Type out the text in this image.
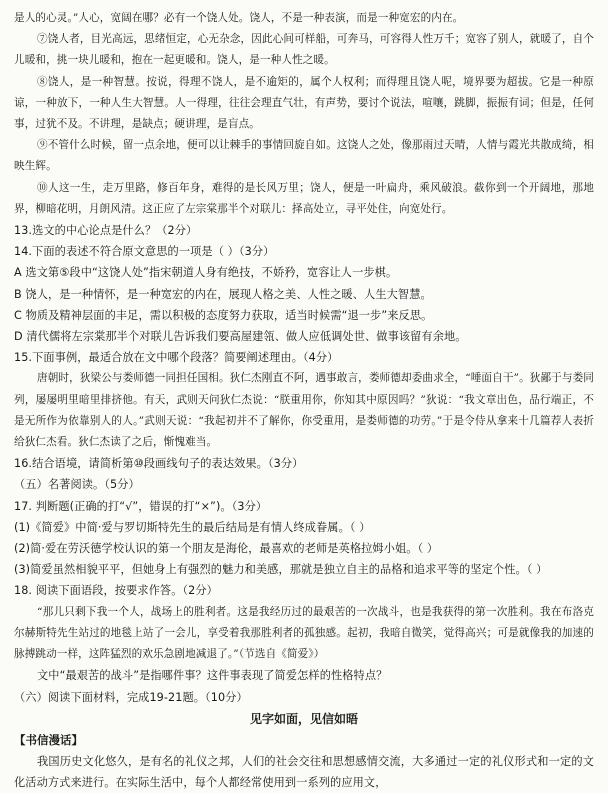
是人的心灵。”人心，宽阔在哪？必有一个饶人处。饶人，不是一种表演，而是一种宽宏的内在。

⑦饶人者，目光高远，思绪恒定，心无杂念，因此心间可样船，可奔马，可容得人性万千；宽容了别人，就暖了，自个儿暖和，挑一块儿暖和，抱在一起更暖和。饶人，是一种人性之暖。

⑧饶人，是一种智慧。按说，得理不饶人，是不逾矩的，属个人权利；而得理且饶人呢，境界要为超拔。它是一种原谅，一种放下，一种人生大智慧。人一得理，往往会理直气壮，有声势，要讨个说法，喧嚷，跳脚，振振有词；但是，任何事，过犹不及。不讲理，是缺点；硬讲理，是盲点。

⑨不管什么时候，留一点余地，便可以让棘手的事情回旋自如。这饶人之处，像那雨过天晴，人情与霞光共散成绮，相映生辉。

⑩人这一生，走万里路，修百年身，难得的是长风万里；饶人，便是一叶扁舟，乘风破浪。截你到一个开阔地，那地界，柳暗花明，月朗风清。这正应了左宗棠那半个对联儿：择高处立，寻平处住，向宽处行。

13.选文的中心论点是什么？（2分）

14.下面的表述不符合原文意思的一项是（ ）（3分）

A 选文第⑤段中“这饶人处”指宋朝道人身有绝技，不娇矜，宽容让人一步棋。

B 饶人，是一种情怀，是一种宽宏的内在，展现人格之美、人性之暖、人生大智慧。

C 物质及精神层面的丰足，需以积极的态度努力获取，适当时候需“退一步”来反思。

D 清代儒将左宗棠那半个对联儿告诉我们要高屋建瓴、做人应低调处世、做事该留有余地。

15.下面事例，最适合放在文中哪个段落？简要阐述理由。（4分）

唐朝时，狄梁公与娄师德一同担任国相。狄仁杰刚直不阿，遇事敢言，娄师德却委曲求全，“唾面自干”。狄鄙于与娄同列，屡屡明里暗里排挤他。有天，武则天问狄仁杰说：“朕重用你，你知其中原因吗？”狄说：“我文章出色，品行端正，不是无所作为依靠别人的人。”武则天说：“我起初并不了解你，你受重用，是娄师德的功劳。”于是令侍从拿来十几篇荐人表折给狄仁杰看。狄仁杰读了之后，惭愧难当。

16.结合语境，请简析第⑩段画线句子的表达效果。（3分）

（五）名著阅读。（5分）

17. 判断题(正确的打“√”，错误的打“×”)。（3分）

(1)《简爱》中简·爱与罗切斯特先生的最后结局是有情人终成眷属。（ ）

(2)简·爱在劳沃德学校认识的第一个朋友是海伦，最喜欢的老师是英格拉姆小姐。（ ）

(3)简爱虽然相貌平平，但她身上有强烈的魅力和美感，那就是独立自主的品格和追求平等的坚定个性。（ ）

18. 阅读下面语段，按要求作答。（2分）

“那儿只剩下我一个人，战场上的胜利者。这是我经历过的最艰苦的一次战斗，也是我获得的第一次胜利。我在布洛克尔赫斯特先生站过的地毯上站了一会儿，享受着我那胜利者的孤独感。起初，我暗自微笑，觉得高兴；可是就像我的加速的脉搏跳动一样，这阵猛烈的欢乐急剧地减退了。”（节选自《简爱》）

文中“最艰苦的战斗”是指哪件事？这件事表现了简爱怎样的性格特点？

（六）阅读下面材料，完成19-21题。（10分）

见字如面，见信如晤

【书信漫话】

我国历史文化悠久，是有名的礼仪之邦，人们的社会交往和思想感情交流，大多通过一定的礼仪形式和一定的文化活动方式来进行。在实际生活中，每个人都经常使用到一系列的应用文，
